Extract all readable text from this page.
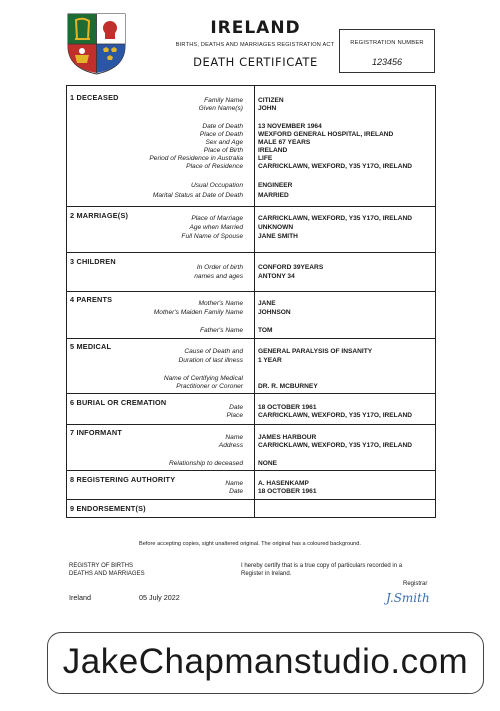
IRELAND
BIRTHS, DEATHS AND MARRIAGES REGISTRATION ACT
DEATH CERTIFICATE
REGISTRATION NUMBER
123456
1 DECEASED	Family Name	CITIZEN
Given Name(s)	JOHN
Date of Death	13 NOVEMBER 1964
Place of Death	WEXFORD GENERAL HOSPITAL, IRELAND
Sex and Age	MALE 67 YEARS
Place of Birth	IRELAND
Period of Residence in Australia	LIFE
Place of Residence	CARRICKLAWN, WEXFORD, Y35 Y17O, IRELAND
Usual Occupation	ENGINEER
Marital Status at Date of Death	MARRIED
2 MARRIAGE(S)	Place of Marriage	CARRICKLAWN, WEXFORD, Y35 Y17O, IRELAND
Age when Married	UNKNOWN
Full Name of Spouse	JANE SMITH
3 CHILDREN
In Order of birth	CONFORD 39YEARS
names and ages	ANTONY 34
4 PARENTS	Mother's Name	JANE
Mother's Maiden Family Name	JOHNSON
Father's Name	TOM
5 MEDICAL
Cause of Death and	GENERAL PARALYSIS OF INSANITY
Duration of last illness	1 YEAR
Name of Certifying Medical
Practitioner or Coroner	DR. R. MCBURNEY
6 BURIAL OR CREMATION
Date	18 OCTOBER 1961
Place	CARRICKLAWN, WEXFORD, Y35 Y17O, IRELAND
7 INFORMANT
Name	JAMES HARBOUR
Address	CARRICKLAWN, WEXFORD, Y35 Y17O, IRELAND
Relationship to deceased	NONE
8 REGISTERING AUTHORITY	Name	A. HASENKAMP
Date	18 OCTOBER 1961
9 ENDORSEMENT(S)
Before accepting copies, sight unaltered original. The original has a coloured background.
REGISTRY OF BIRTHS
DEATHS AND MARRIAGES
I hereby certify that is a true copy of particulars recorded in a
Register in Ireland.
Registrar
J.Smith
Ireland	05 July 2022
JakeChapmanstudio.com
